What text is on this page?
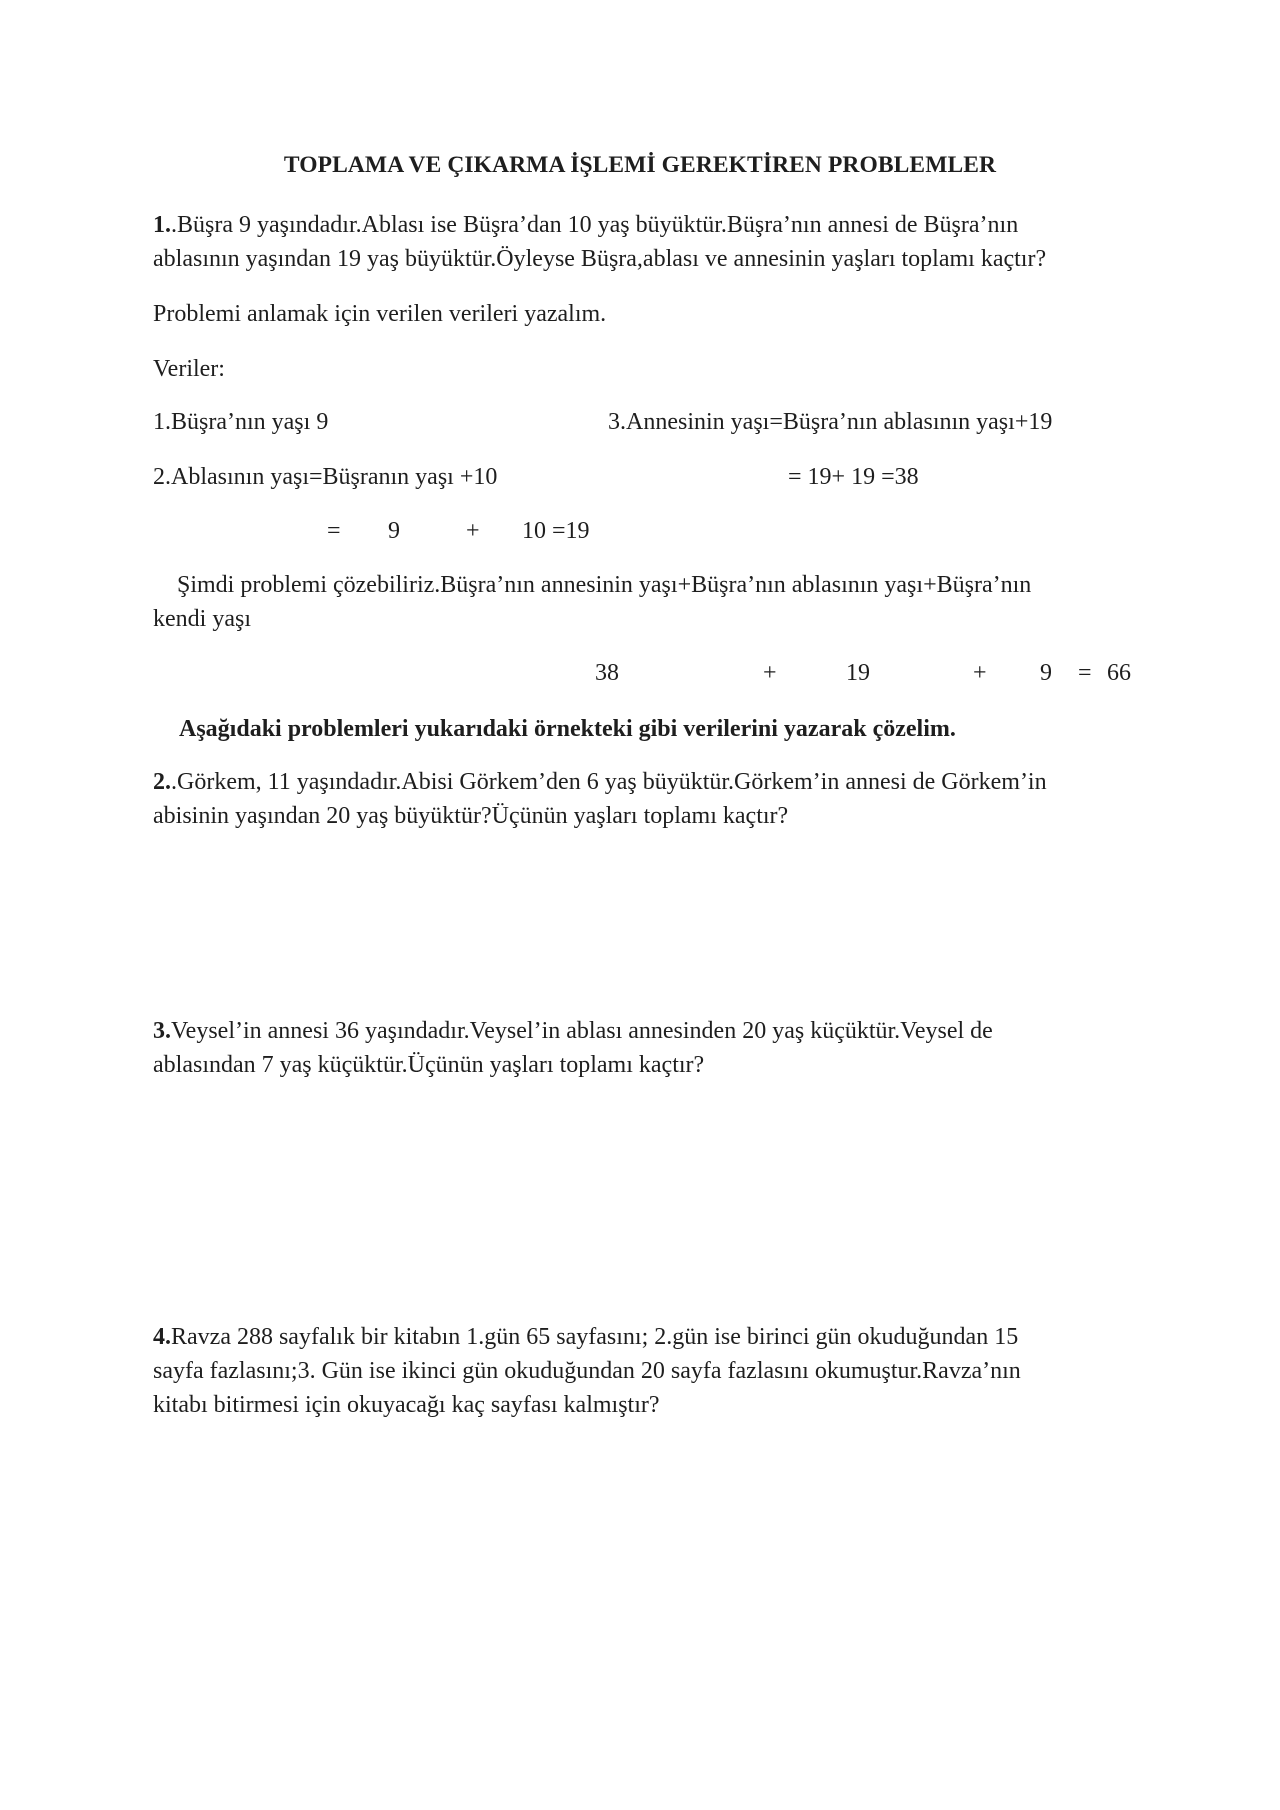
TOPLAMA VE ÇIKARMA İŞLEMİ GEREKTİREN PROBLEMLER

1..Büşra 9 yaşındadır.Ablası ise Büşra’dan 10 yaş büyüktür.Büşra’nın annesi de Büşra’nın

ablasının yaşından 19 yaş büyüktür.Öyleyse Büşra,ablası ve annesinin yaşları toplamı kaçtır?

Problemi anlamak için verilen verileri yazalım.
Veriler:
1.Büşra’nın yaşı 9	3.Annesinin yaşı=Büşra’nın ablasının yaşı+19
2.Ablasının yaşı=Büşranın yaşı +10	= 19+ 19 =38
= 9	+ 10 =19

Şimdi problemi çözebiliriz.Büşra’nın annesinin yaşı+Büşra’nın ablasının yaşı+Büşra’nın

kendi yaşı

38	+	19	+ 9 = 66
Aşağıdaki problemleri yukarıdaki örnekteki gibi verilerini yazarak çözelim.

2..Görkem, 11 yaşındadır.Abisi Görkem’den 6 yaş büyüktür.Görkem’in annesi de Görkem’in

abisinin yaşından 20 yaş büyüktür?Üçünün yaşları toplamı kaçtır?

3.Veysel’in annesi 36 yaşındadır.Veysel’in ablası annesinden 20 yaş küçüktür.Veysel de

ablasından 7 yaş küçüktür.Üçünün yaşları toplamı kaçtır?

4.Ravza 288 sayfalık bir kitabın 1.gün 65 sayfasını; 2.gün ise birinci gün okuduğundan 15

sayfa fazlasını;3. Gün ise ikinci gün okuduğundan 20 sayfa fazlasını okumuştur.Ravza’nın

kitabı bitirmesi için okuyacağı kaç sayfası kalmıştır?
